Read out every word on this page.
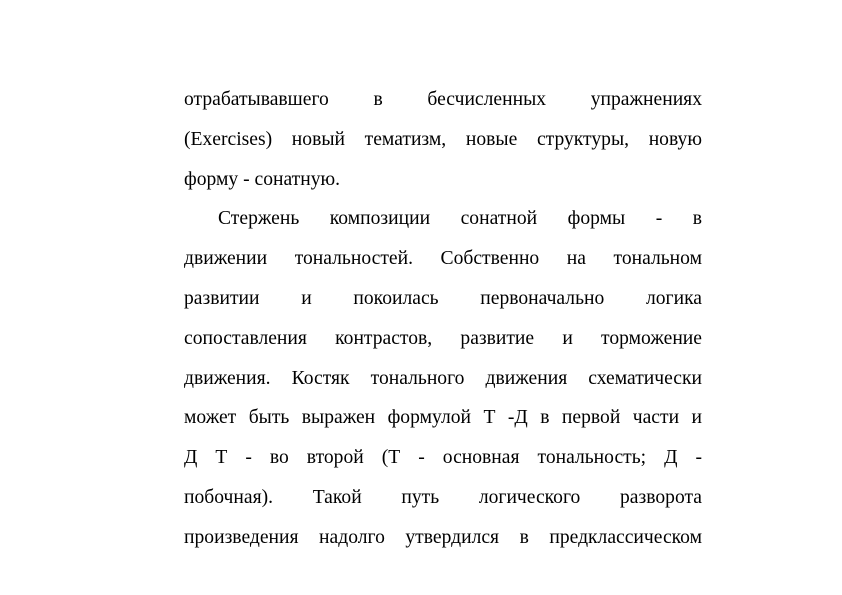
отрабатывавшего в бесчисленных упражнениях
(Exercises) новый тематизм, новые структуры, новую
форму - сонатную.
Стержень композиции сонатной формы - в
движении тональностей. Собственно на тональном
развитии и покоилась первоначально логика
сопоставления контрастов, развитие и торможение
движения. Костяк тонального движения схематически
может быть выражен формулой Т -Д в первой части и
Д Т - во второй (Т - основная тональность; Д -
побочная). Такой путь логического разворота
произведения надолго утвердился в предклассическом
